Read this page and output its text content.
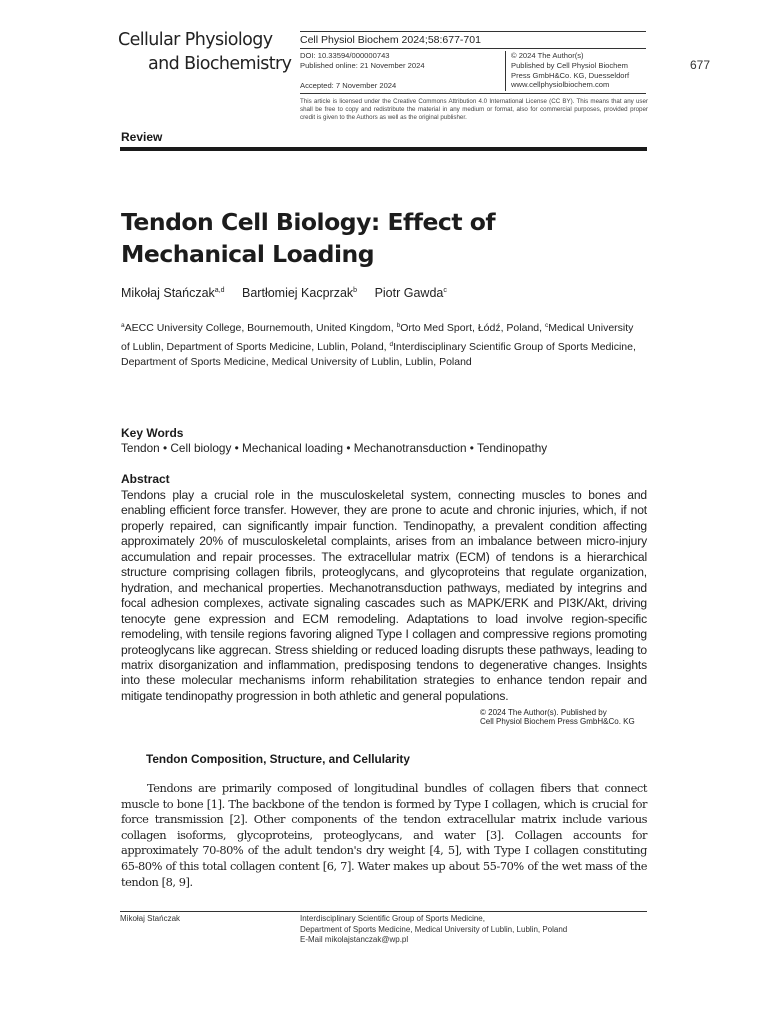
Cellular Physiology
and Biochemistry
Cell Physiol Biochem 2024;58:677-701
DOI: 10.33594/000000743
Published online: 21 November 2024
Accepted: 7 November 2024
© 2024 The Author(s)
Published by Cell Physiol Biochem
Press GmbH&Co. KG, Duesseldorf
www.cellphysiolbiochem.com
677
This article is licensed under the Creative Commons Attribution 4.0 International License (CC BY). This means that any user shall be free to copy and redistribute the material in any medium or format, also for commercial purposes, provided proper credit is given to the Authors as well as the original publisher.
Review
Tendon Cell Biology: Effect of Mechanical Loading
Mikołaj Stańczak$^{a,d}$ Bartłomiej Kacprzak$^b$ Piotr Gawda$^c$
$^a$AECC University College, Bournemouth, United Kingdom, $^b$Orto Med Sport, Łódź, Poland, $^c$Medical University of Lublin, Department of Sports Medicine, Lublin, Poland, $^d$Interdisciplinary Scientific Group of Sports Medicine, Department of Sports Medicine, Medical University of Lublin, Lublin, Poland
Key Words
Tendon • Cell biology • Mechanical loading • Mechanotransduction • Tendinopathy
Abstract
Tendons play a crucial role in the musculoskeletal system, connecting muscles to bones and enabling efficient force transfer. However, they are prone to acute and chronic injuries, which, if not properly repaired, can significantly impair function. Tendinopathy, a prevalent condition affecting approximately 20% of musculoskeletal complaints, arises from an imbalance between micro-injury accumulation and repair processes. The extracellular matrix (ECM) of tendons is a hierarchical structure comprising collagen fibrils, proteoglycans, and glycoproteins that regulate organization, hydration, and mechanical properties. Mechanotransduction pathways, mediated by integrins and focal adhesion complexes, activate signaling cascades such as MAPK/ERK and PI3K/Akt, driving tenocyte gene expression and ECM remodeling. Adaptations to load involve region-specific remodeling, with tensile regions favoring aligned Type I collagen and compressive regions promoting proteoglycans like aggrecan. Stress shielding or reduced loading disrupts these pathways, leading to matrix disorganization and inflammation, predisposing tendons to degenerative changes. Insights into these molecular mechanisms inform rehabilitation strategies to enhance tendon repair and mitigate tendinopathy progression in both athletic and general populations.
© 2024 The Author(s). Published by
Cell Physiol Biochem Press GmbH&Co. KG
Tendon Composition, Structure, and Cellularity
Tendons are primarily composed of longitudinal bundles of collagen fibers that connect muscle to bone [1]. The backbone of the tendon is formed by Type I collagen, which is crucial for force transmission [2]. Other components of the tendon extracellular matrix include various collagen isoforms, glycoproteins, proteoglycans, and water [3]. Collagen accounts for approximately 70-80% of the adult tendon's dry weight [4, 5], with Type I collagen constituting 65-80% of this total collagen content [6, 7]. Water makes up about 55-70% of the wet mass of the tendon [8, 9].
Mikołaj Stańczak	Interdisciplinary Scientific Group of Sports Medicine,
Department of Sports Medicine, Medical University of Lublin, Lublin, Poland
E-Mail mikolajstanczak@wp.pl
